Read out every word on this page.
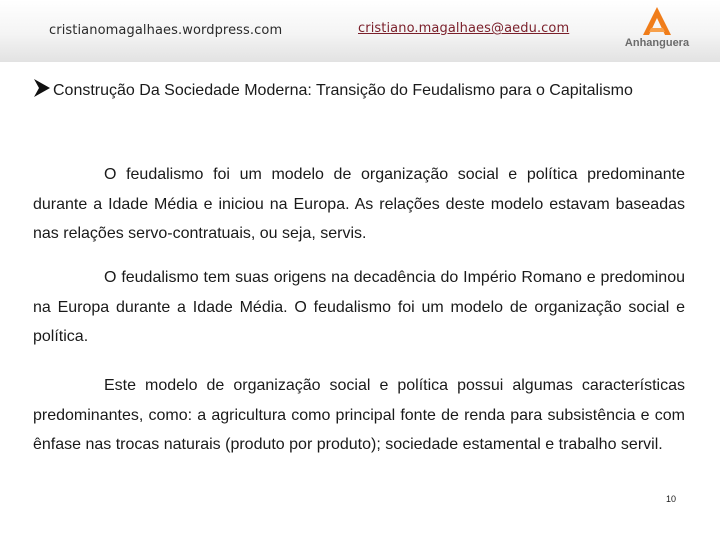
cristianomagalhaes.wordpress.com	cristiano.magalhaes@aedu.com
Anhanguera
Construção Da Sociedade Moderna: Transição do Feudalismo para o Capitalismo

O feudalismo foi um modelo de organização social e política predominante durante a Idade Média e iniciou na Europa. As relações deste modelo estavam baseadas nas relações servo-contratuais, ou seja, servis.

O feudalismo tem suas origens na decadência do Império Romano e predominou na Europa durante a Idade Média. O feudalismo foi um modelo de organização social e política.

Este modelo de organização social e política possui algumas características predominantes, como: a agricultura como principal fonte de renda para subsistência e com ênfase nas trocas naturais (produto por produto); sociedade estamental e trabalho servil.

10
